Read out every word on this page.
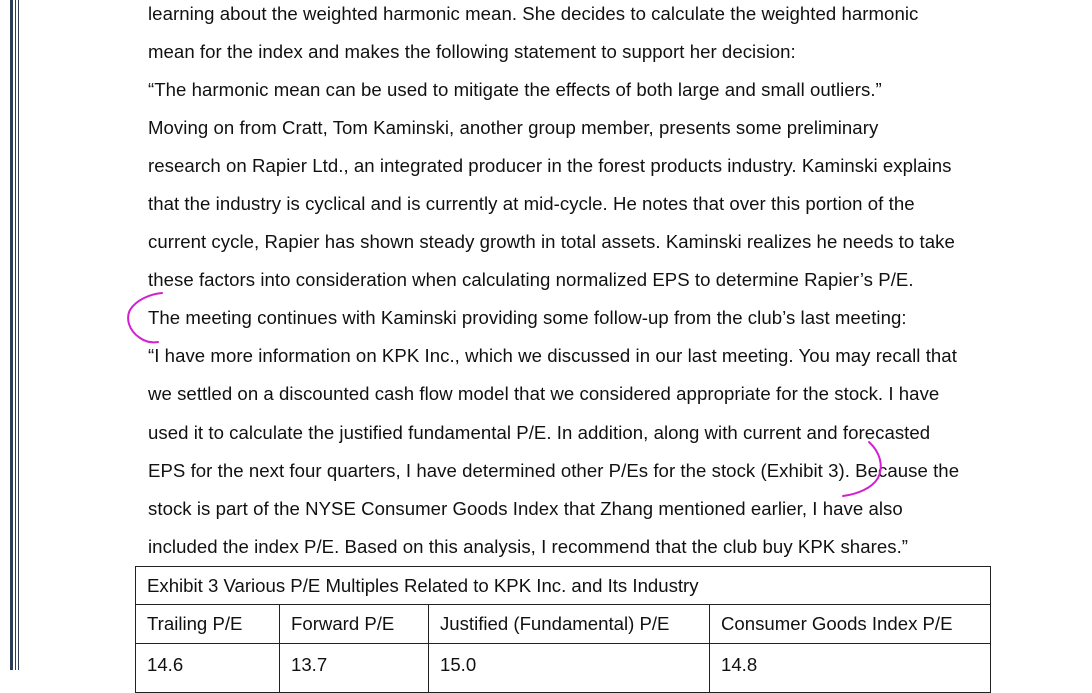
learning about the weighted harmonic mean. She decides to calculate the weighted harmonic
mean for the index and makes the following statement to support her decision:
“The harmonic mean can be used to mitigate the effects of both large and small outliers.”
Moving on from Cratt, Tom Kaminski, another group member, presents some preliminary
research on Rapier Ltd., an integrated producer in the forest products industry. Kaminski explains
that the industry is cyclical and is currently at mid-cycle. He notes that over this portion of the
current cycle, Rapier has shown steady growth in total assets. Kaminski realizes he needs to take
these factors into consideration when calculating normalized EPS to determine Rapier’s P/E.
The meeting continues with Kaminski providing some follow-up from the club’s last meeting:
“I have more information on KPK Inc., which we discussed in our last meeting. You may recall that
we settled on a discounted cash flow model that we considered appropriate for the stock. I have
used it to calculate the justified fundamental P/E. In addition, along with current and forecasted
EPS for the next four quarters, I have determined other P/Es for the stock (Exhibit 3). Because the
stock is part of the NYSE Consumer Goods Index that Zhang mentioned earlier, I have also
included the index P/E. Based on this analysis, I recommend that the club buy KPK shares.”
Exhibit 3 Various P/E Multiples Related to KPK Inc. and Its Industry			
Trailing P/E	Forward P/E	Justified (Fundamental) P/E	Consumer Goods Index P/E
14.6	13.7	15.0	14.8
